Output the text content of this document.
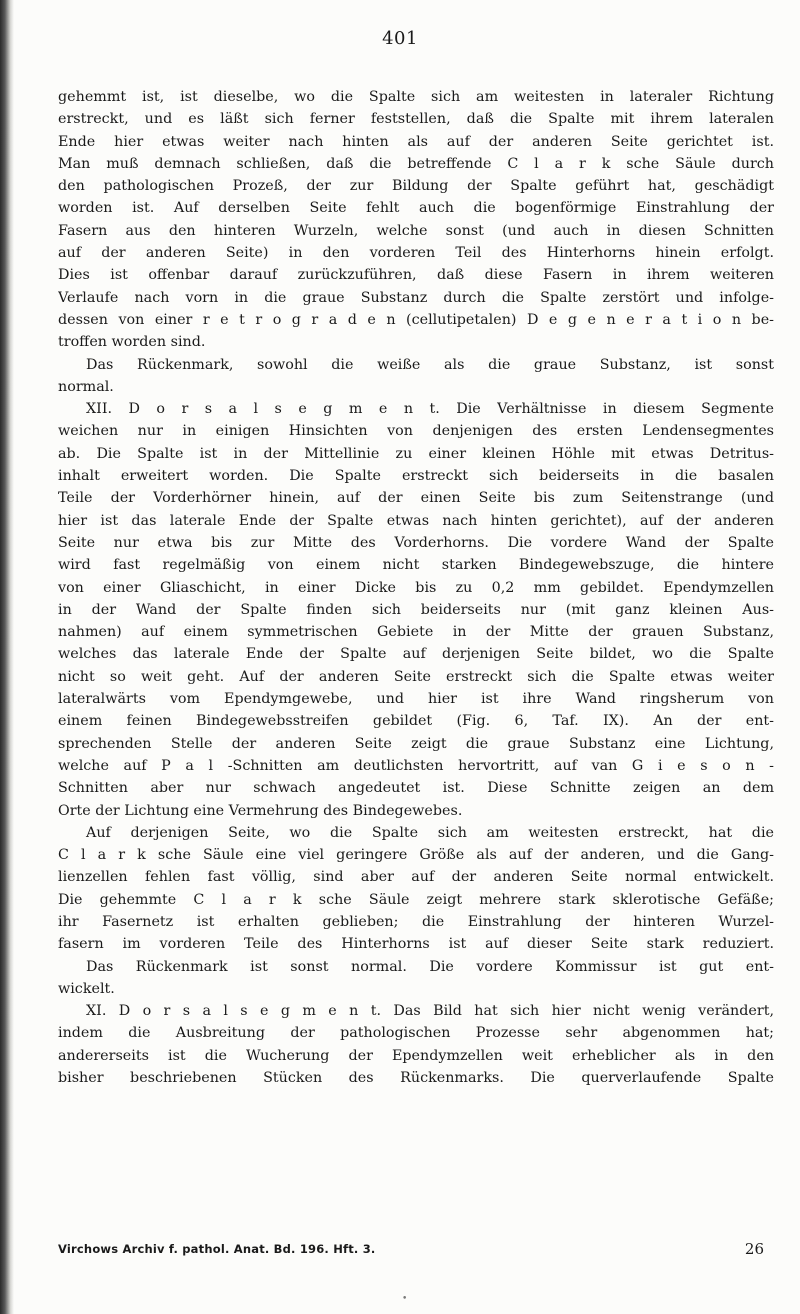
401
gehemmt ist, ist dieselbe, wo die Spalte sich am weitesten in lateraler Richtung
erstreckt, und es läßt sich ferner feststellen, daß die Spalte mit ihrem lateralen
Ende hier etwas weiter nach hinten als auf der anderen Seite gerichtet ist.
Man muß demnach schließen, daß die betreffende C l a r k sche Säule durch
den pathologischen Prozeß, der zur Bildung der Spalte geführt hat, geschädigt
worden ist. Auf derselben Seite fehlt auch die bogenförmige Einstrahlung der
Fasern aus den hinteren Wurzeln, welche sonst (und auch in diesen Schnitten
auf der anderen Seite) in den vorderen Teil des Hinterhorns hinein erfolgt.
Dies ist offenbar darauf zurückzuführen, daß diese Fasern in ihrem weiteren
Verlaufe nach vorn in die graue Substanz durch die Spalte zerstört und infolge-
dessen von einer r e t r o g r a d e n (cellutipetalen) D e g e n e r a t i o n be-
troffen worden sind.
Das Rückenmark, sowohl die weiße als die graue Substanz, ist sonst
normal.
XII. D o r s a l s e g m e n t. Die Verhältnisse in diesem Segmente
weichen nur in einigen Hinsichten von denjenigen des ersten Lendensegmentes
ab. Die Spalte ist in der Mittellinie zu einer kleinen Höhle mit etwas Detritus-
inhalt erweitert worden. Die Spalte erstreckt sich beiderseits in die basalen
Teile der Vorderhörner hinein, auf der einen Seite bis zum Seitenstrange (und
hier ist das laterale Ende der Spalte etwas nach hinten gerichtet), auf der anderen
Seite nur etwa bis zur Mitte des Vorderhorns. Die vordere Wand der Spalte
wird fast regelmäßig von einem nicht starken Bindegewebszuge, die hintere
von einer Gliaschicht, in einer Dicke bis zu 0,2 mm gebildet. Ependymzellen
in der Wand der Spalte finden sich beiderseits nur (mit ganz kleinen Aus-
nahmen) auf einem symmetrischen Gebiete in der Mitte der grauen Substanz,
welches das laterale Ende der Spalte auf derjenigen Seite bildet, wo die Spalte
nicht so weit geht. Auf der anderen Seite erstreckt sich die Spalte etwas weiter
lateralwärts vom Ependymgewebe, und hier ist ihre Wand ringsherum von
einem feinen Bindegewebsstreifen gebildet (Fig. 6, Taf. IX). An der ent-
sprechenden Stelle der anderen Seite zeigt die graue Substanz eine Lichtung,
welche auf P a l -Schnitten am deutlichsten hervortritt, auf van G i e s o n -
Schnitten aber nur schwach angedeutet ist. Diese Schnitte zeigen an dem
Orte der Lichtung eine Vermehrung des Bindegewebes.
Auf derjenigen Seite, wo die Spalte sich am weitesten erstreckt, hat die
C l a r k sche Säule eine viel geringere Größe als auf der anderen, und die Gang-
lienzellen fehlen fast völlig, sind aber auf der anderen Seite normal entwickelt.
Die gehemmte C l a r k sche Säule zeigt mehrere stark sklerotische Gefäße;
ihr Fasernetz ist erhalten geblieben; die Einstrahlung der hinteren Wurzel-
fasern im vorderen Teile des Hinterhorns ist auf dieser Seite stark reduziert.
Das Rückenmark ist sonst normal. Die vordere Kommissur ist gut ent-
wickelt.
XI. D o r s a l s e g m e n t. Das Bild hat sich hier nicht wenig verändert,
indem die Ausbreitung der pathologischen Prozesse sehr abgenommen hat;
andererseits ist die Wucherung der Ependymzellen weit erheblicher als in den
bisher beschriebenen Stücken des Rückenmarks. Die querverlaufende Spalte
Virchows Archiv f. pathol. Anat. Bd. 196. Hft. 3.	26
•
